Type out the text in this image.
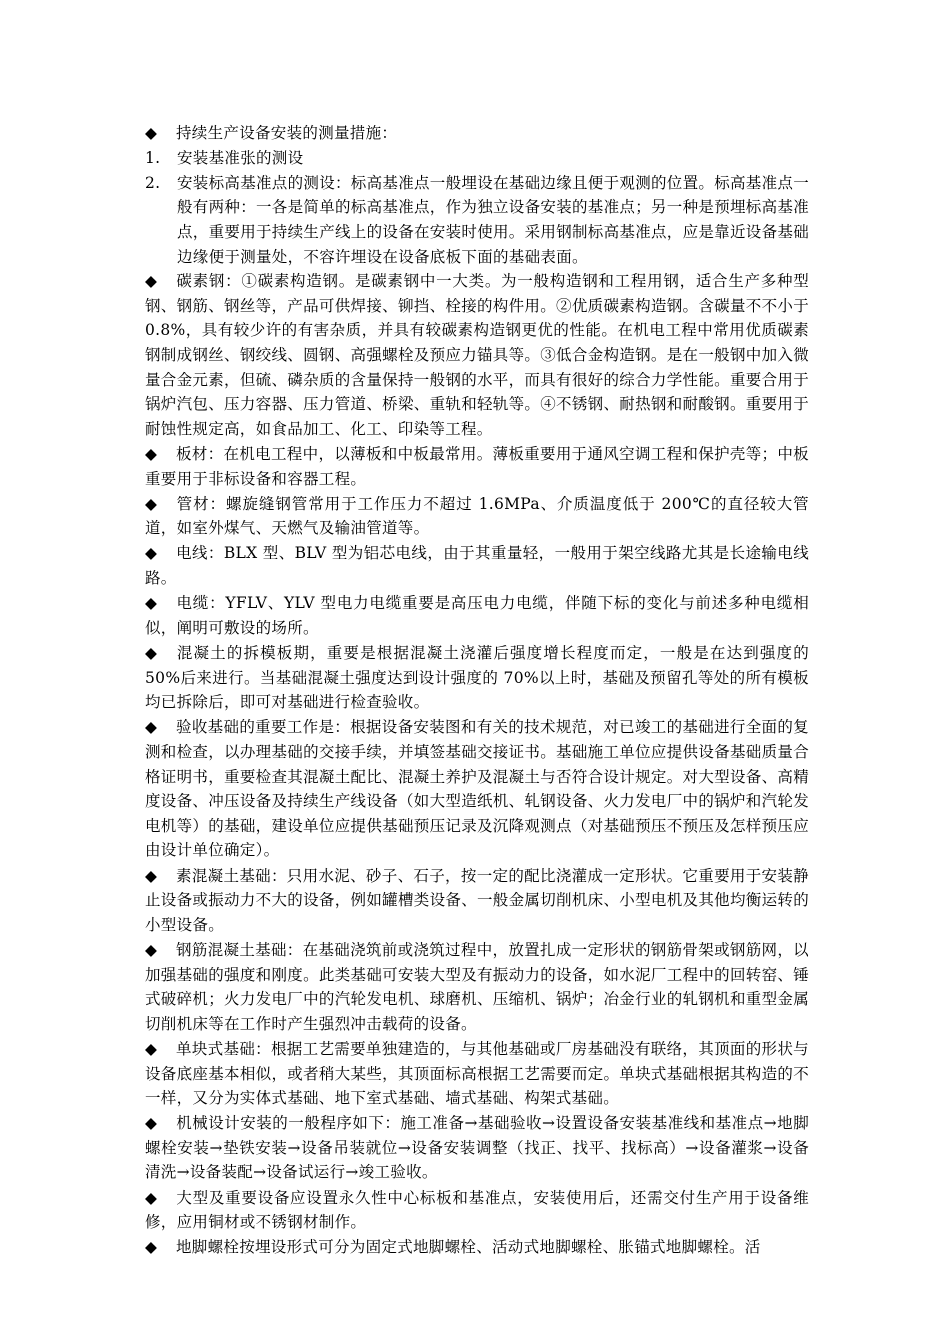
◆ 持续生产设备安装的测量措施：

1. 安装基准张的测设
2. 安装标高基准点的测设：标高基准点一般埋设在基础边缘且便于观测的位置。标高基准点一般有两种：一各是简单的标高基准点，作为独立设备安装的基准点；另一种是预埋标高基准点，重要用于持续生产线上的设备在安装时使用。采用钢制标高基准点，应是靠近设备基础边缘便于测量处，不容许埋设在设备底板下面的基础表面。

◆ 碳素钢：①碳素构造钢。是碳素钢中一大类。为一般构造钢和工程用钢，适合生产多种型钢、钢筋、钢丝等，产品可供焊接、铆挡、栓接的构件用。②优质碳素构造钢。含碳量不不小于 0.8%，具有较少许的有害杂质，并具有较碳素构造钢更优的性能。在机电工程中常用优质碳素钢制成钢丝、钢绞线、圆钢、高强螺栓及预应力锚具等。③低合金构造钢。是在一般钢中加入微量合金元素，但硫、磷杂质的含量保持一般钢的水平，而具有很好的综合力学性能。重要合用于锅炉汽包、压力容器、压力管道、桥梁、重轨和轻轨等。④不锈钢、耐热钢和耐酸钢。重要用于耐蚀性规定高，如食品加工、化工、印染等工程。

◆ 板材：在机电工程中，以薄板和中板最常用。薄板重要用于通风空调工程和保护壳等；中板重要用于非标设备和容器工程。

◆ 管材：螺旋缝钢管常用于工作压力不超过 1.6MPa、介质温度低于 200℃的直径较大管道，如室外煤气、天燃气及输油管道等。

◆ 电线：BLX 型、BLV 型为铝芯电线，由于其重量轻，一般用于架空线路尤其是长途输电线路。

◆ 电缆：YFLV、YLV 型电力电缆重要是高压电力电缆，伴随下标的变化与前述多种电缆相似，阐明可敷设的场所。

◆ 混凝土的拆模板期，重要是根据混凝土浇灌后强度增长程度而定，一般是在达到强度的 50%后来进行。当基础混凝土强度达到设计强度的 70%以上时，基础及预留孔等处的所有模板均已拆除后，即可对基础进行检查验收。

◆ 验收基础的重要工作是：根据设备安装图和有关的技术规范，对已竣工的基础进行全面的复测和检查，以办理基础的交接手续，并填签基础交接证书。基础施工单位应提供设备基础质量合格证明书，重要检查其混凝土配比、混凝土养护及混凝土与否符合设计规定。对大型设备、高精度设备、冲压设备及持续生产线设备（如大型造纸机、轧钢设备、火力发电厂中的锅炉和汽轮发电机等）的基础，建设单位应提供基础预压记录及沉降观测点（对基础预压不预压及怎样预压应由设计单位确定）。

◆ 素混凝土基础：只用水泥、砂子、石子，按一定的配比浇灌成一定形状。它重要用于安装静止设备或振动力不大的设备，例如罐槽类设备、一般金属切削机床、小型电机及其他均衡运转的小型设备。

◆ 钢筋混凝土基础：在基础浇筑前或浇筑过程中，放置扎成一定形状的钢筋骨架或钢筋网，以加强基础的强度和刚度。此类基础可安装大型及有振动力的设备，如水泥厂工程中的回转窑、锤式破碎机；火力发电厂中的汽轮发电机、球磨机、压缩机、锅炉；冶金行业的轧钢机和重型金属切削机床等在工作时产生强烈冲击载荷的设备。

◆ 单块式基础：根据工艺需要单独建造的，与其他基础或厂房基础没有联络，其顶面的形状与设备底座基本相似，或者稍大某些，其顶面标高根据工艺需要而定。单块式基础根据其构造的不一样，又分为实体式基础、地下室式基础、墙式基础、构架式基础。

◆ 机械设计安装的一般程序如下：施工准备→基础验收→设置设备安装基准线和基准点→地脚螺栓安装→垫铁安装→设备吊装就位→设备安装调整（找正、找平、找标高）→设备灌浆→设备清洗→设备装配→设备试运行→竣工验收。

◆ 大型及重要设备应设置永久性中心标板和基准点，安装使用后，还需交付生产用于设备维修，应用铜材或不锈钢材制作。

◆ 地脚螺栓按埋设形式可分为固定式地脚螺栓、活动式地脚螺栓、胀锚式地脚螺栓。活
